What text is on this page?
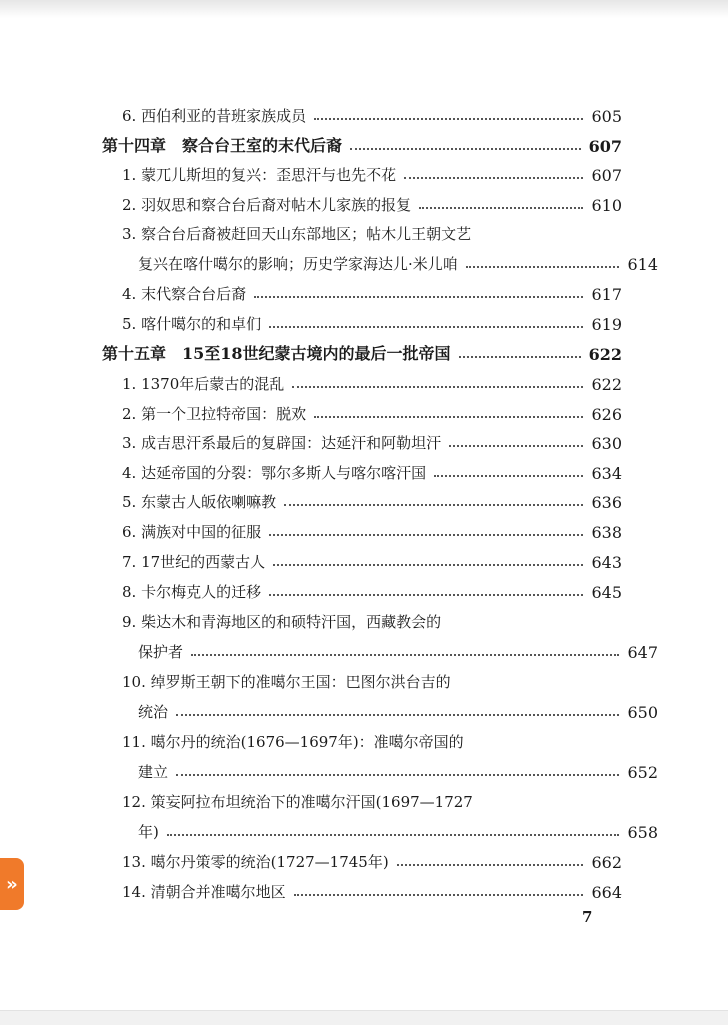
6. 西伯利亚的昔班家族成员	605
第十四章　察合台王室的末代后裔	607
1. 蒙兀儿斯坦的复兴：歪思汗与也先不花	607
2. 羽奴思和察合台后裔对帖木儿家族的报复	610
3. 察合台后裔被赶回天山东部地区；帖木儿王朝文艺
复兴在喀什噶尔的影响；历史学家海达儿·米儿咱	614
4. 末代察合台后裔	617
5. 喀什噶尔的和卓们	619
第十五章　15至18世纪蒙古境内的最后一批帝国	622
1. 1370年后蒙古的混乱	622
2. 第一个卫拉特帝国：脱欢	626
3. 成吉思汗系最后的复辟国：达延汗和阿勒坦汗	630
4. 达延帝国的分裂：鄂尔多斯人与喀尔喀汗国	634
5. 东蒙古人皈依喇嘛教	636
6. 满族对中国的征服	638
7. 17世纪的西蒙古人	643
8. 卡尔梅克人的迁移	645
9. 柴达木和青海地区的和硕特汗国，西藏教会的
保护者	647
10. 绰罗斯王朝下的准噶尔王国：巴图尔洪台吉的
统治	650
11. 噶尔丹的统治(1676—1697年)：准噶尔帝国的
建立	652
12. 策妄阿拉布坦统治下的准噶尔汗国(1697—1727
年)	658
13. 噶尔丹策零的统治(1727—1745年)	662
14. 清朝合并准噶尔地区	664
7
»
